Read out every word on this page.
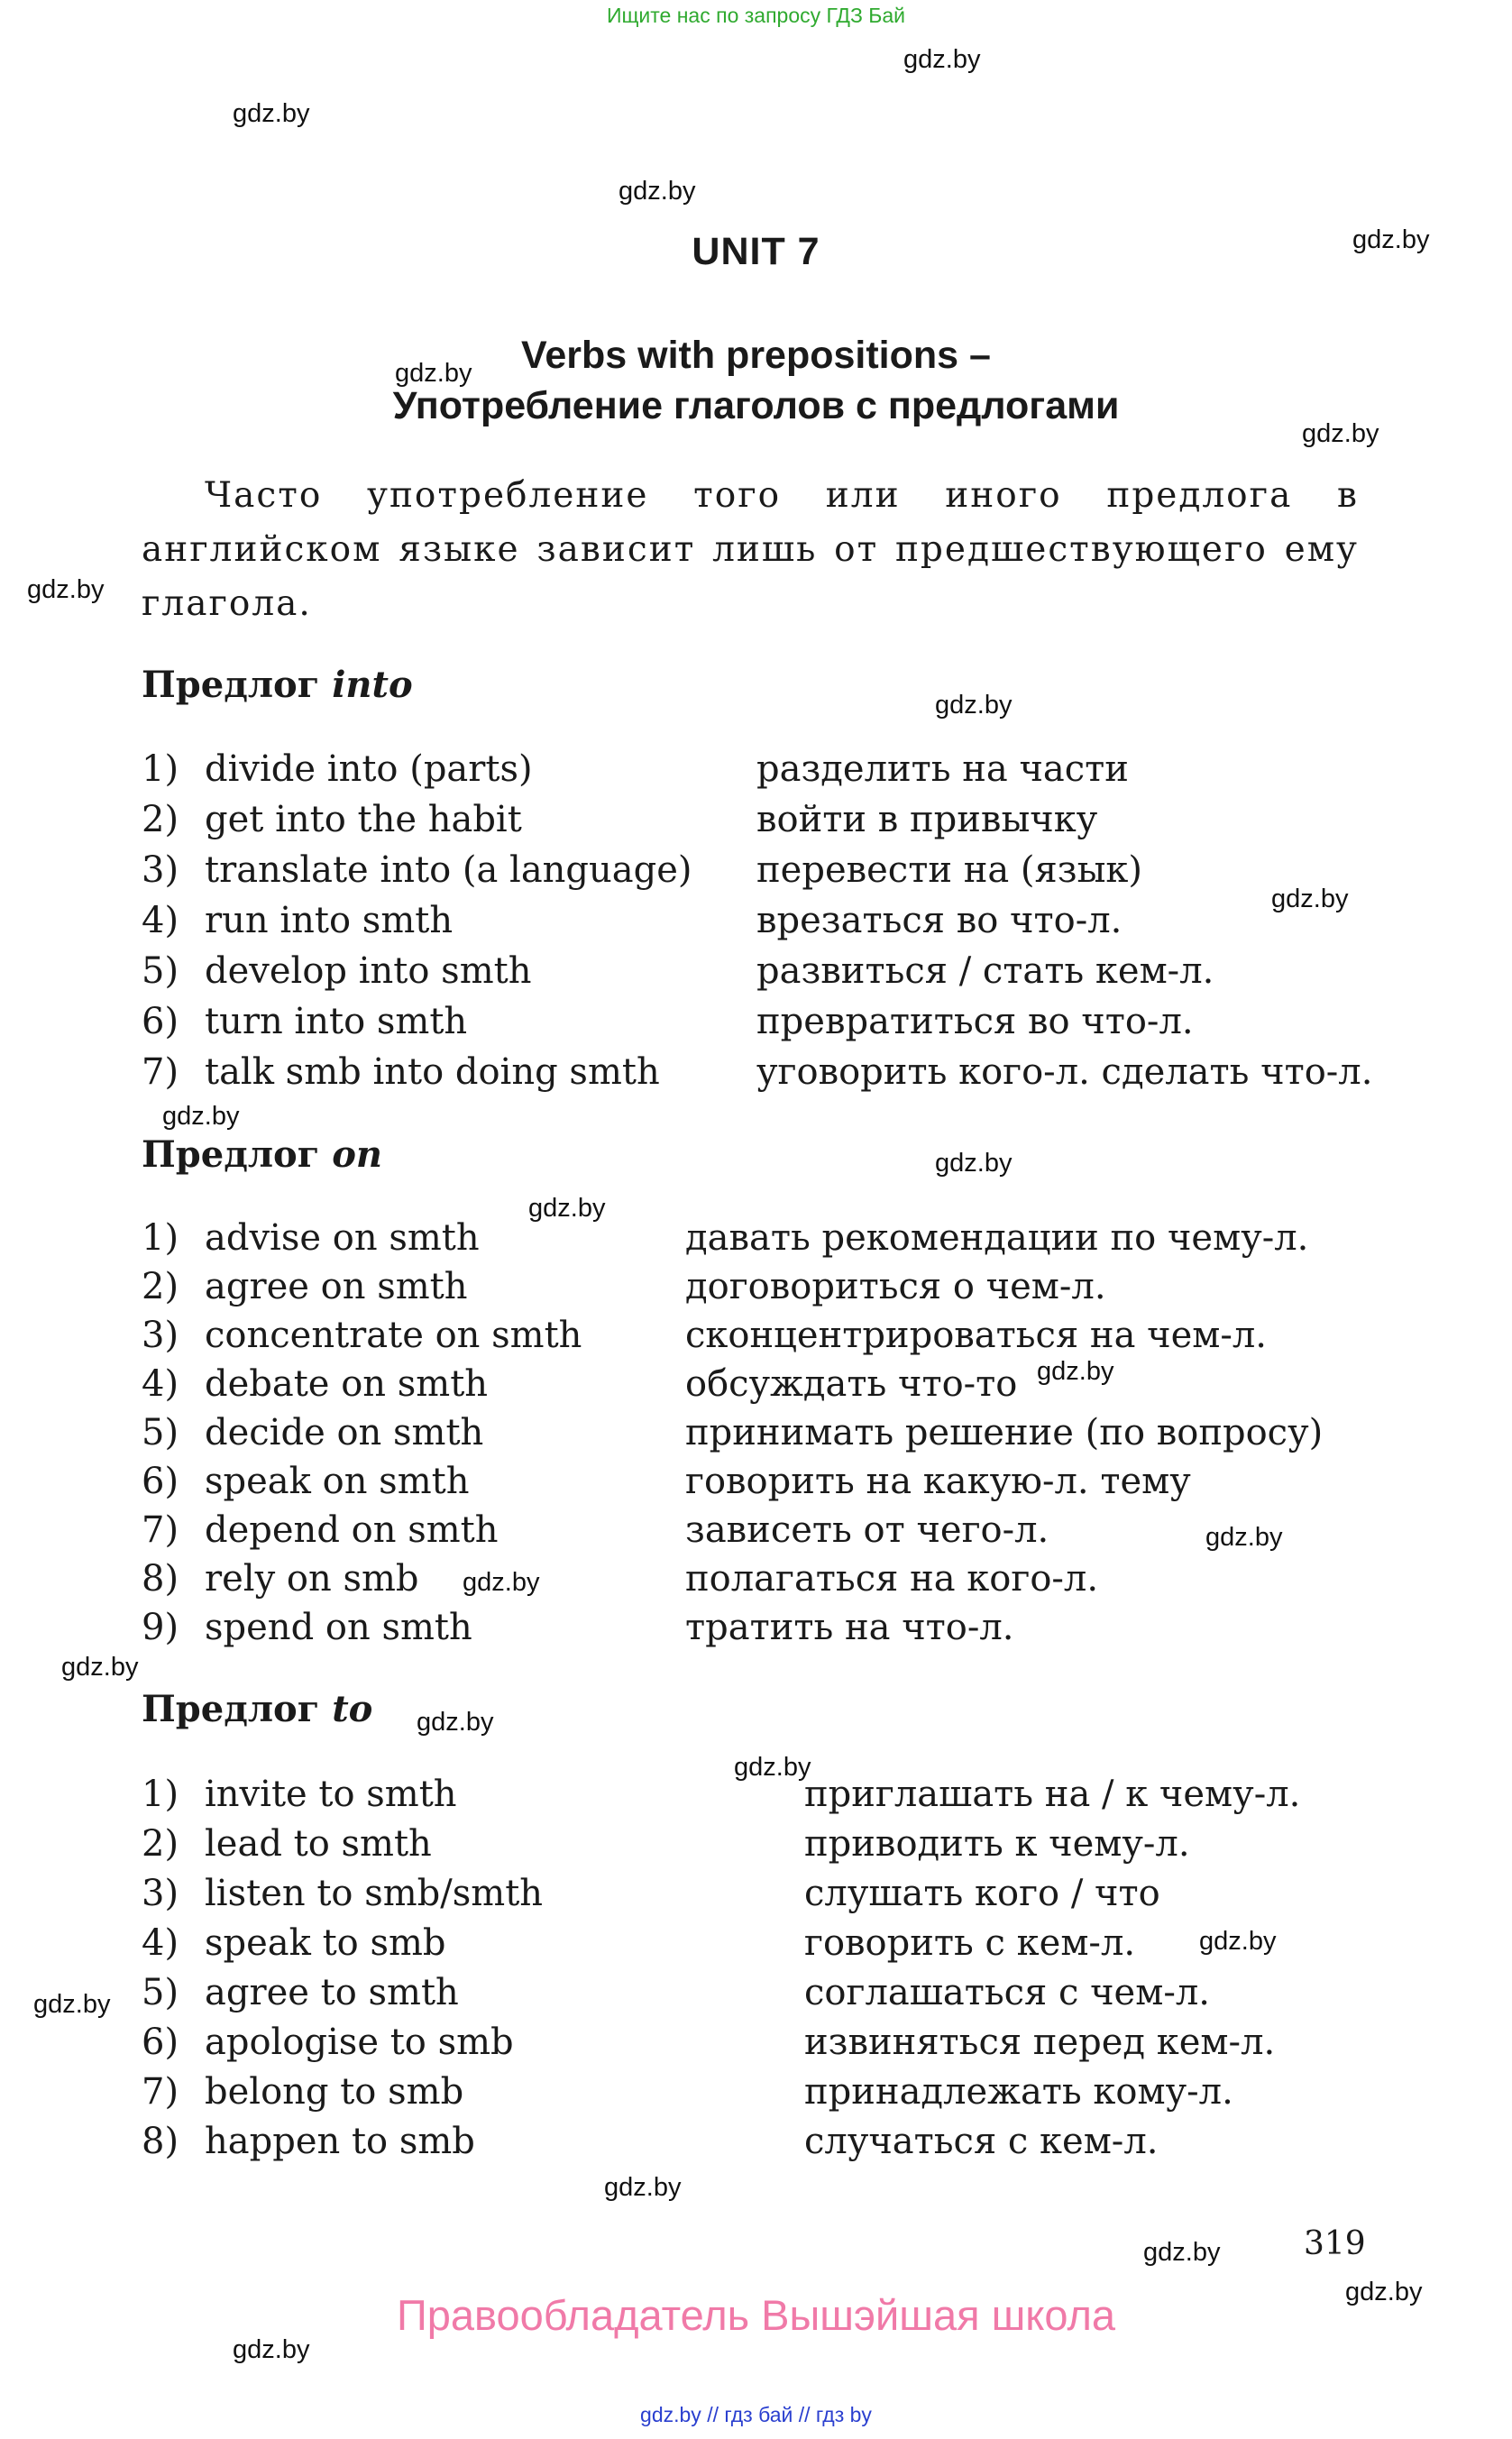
Ищите нас по запросу ГДЗ Бай
gdz.by
gdz.by
gdz.by
gdz.by
gdz.by
gdz.by
gdz.by
gdz.by
gdz.by
gdz.by
gdz.by
gdz.by
gdz.by
gdz.by
gdz.by
gdz.by
gdz.by
gdz.by
gdz.by
gdz.by
gdz.by
gdz.by
gdz.by
gdz.by
UNIT 7
Verbs with prepositions –
Употребление глаголов с предлогами
Часто употребление того или иного предлога в английском языке зависит лишь от предшествующего ему глагола.
Предлог into
1) divide into (parts)	разделить на части
2) get into the habit	войти в привычку
3) translate into (a language) перевести на (язык)
4) run into smth	врезаться во что-л.
5) develop into smth	развиться / стать кем-л.
6) turn into smth	превратиться во что-л.
7) talk smb into doing smth	уговорить кого-л. сделать что-л.
Предлог on
1) advise on smth	давать рекомендации по чему-л.
2) agree on smth	договориться о чем-л.
3) concentrate on smth	сконцентрироваться на чем-л.
4) debate on smth	обсуждать что-то
5) decide on smth	принимать решение (по вопросу)
6) speak on smth	говорить на какую-л. тему
7) depend on smth	зависеть от чего-л.
8) rely on smb	полагаться на кого-л.
9) spend on smth	тратить на что-л.
Предлог to
1) invite to smth	приглашать на / к чему-л.
2) lead to smth	приводить к чему-л.
3) listen to smb/smth	слушать кого / что
4) speak to smb	говорить с кем-л.
5) agree to smth	соглашаться с чем-л.
6) apologise to smb	извиняться перед кем-л.
7) belong to smb	принадлежать кому-л.
8) happen to smb	случаться с кем-л.
319
Правообладатель Вышэйшая школа
gdz.by // гдз бай // гдз by
